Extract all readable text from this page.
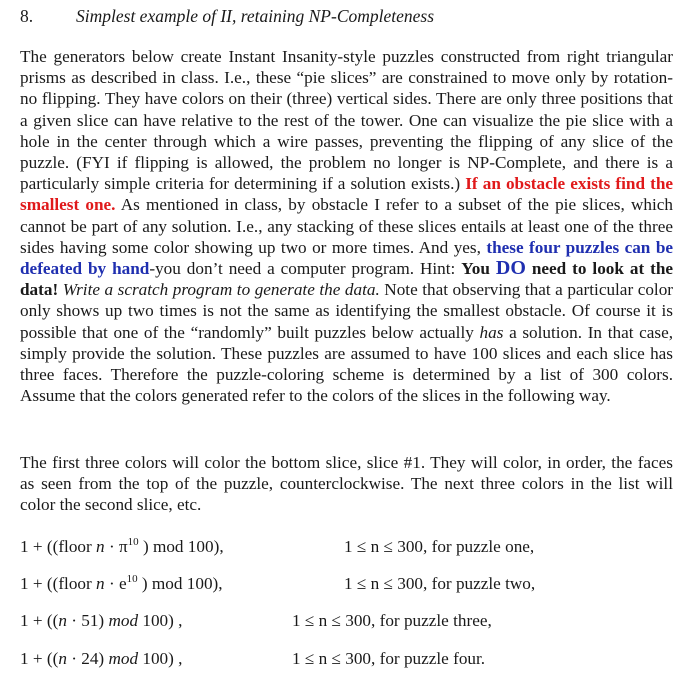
8. Simplest example of II, retaining NP-Completeness

The generators below create Instant Insanity-style puzzles constructed from right triangular prisms as described in class. I.e., these “pie slices” are constrained to move only by rotation-no flipping. They have colors on their (three) vertical sides. There are only three positions that a given slice can have relative to the rest of the tower. One can visualize the pie slice with a hole in the center through which a wire passes, preventing the flipping of any slice of the puzzle. (FYI if flipping is allowed, the problem no longer is NP-Complete, and there is a particularly simple criteria for determining if a solution exists.) If an obstacle exists find the smallest one. As mentioned in class, by obstacle I refer to a subset of the pie slices, which cannot be part of any solution. I.e., any stacking of these slices entails at least one of the three sides having some color showing up two or more times. And yes, these four puzzles can be defeated by hand-you don’t need a computer program. Hint: You DO need to look at the data! Write a scratch program to generate the data. Note that observing that a particular color only shows up two times is not the same as identifying the smallest obstacle. Of course it is possible that one of the “randomly” built puzzles below actually has a solution. In that case, simply provide the solution. These puzzles are assumed to have 100 slices and each slice has three faces. Therefore the puzzle-coloring scheme is determined by a list of 300 colors. Assume that the colors generated refer to the colors of the slices in the following way.

The first three colors will color the bottom slice, slice #1. They will color, in order, the faces as seen from the top of the puzzle, counterclockwise. The next three colors in the list will color the second slice, etc.

1 + ((floor $n \cdot \pi^{10}$ ) mod 100),	1 ≤ n ≤ 300, for puzzle one,
1 + ((floor $n \cdot e^{10}$ ) mod 100),	1 ≤ n ≤ 300, for puzzle two,
1 + ((n · 51) mod 100) ,	1 ≤ n ≤ 300, for puzzle three,
1 + ((n · 24) mod 100) ,	1 ≤ n ≤ 300, for puzzle four.
